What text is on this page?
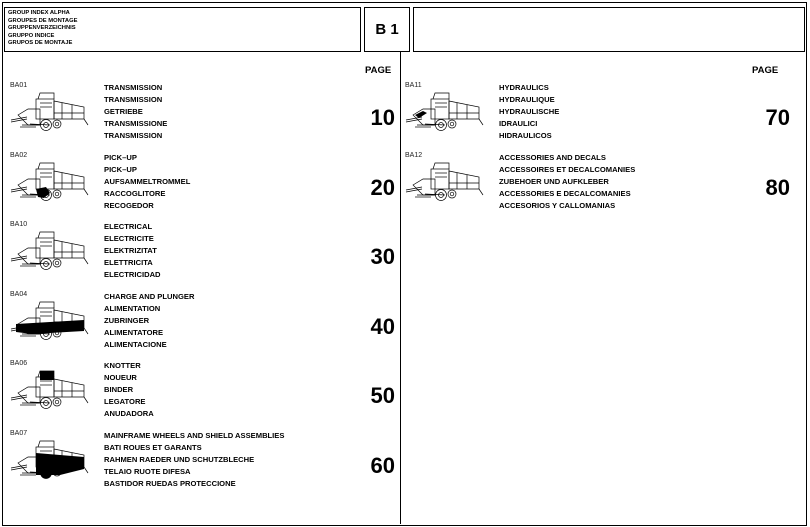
GROUP INDEX ALPHA
GROUPES DE MONTAGE
GRUPPENVERZEICHNIS
GRUPPO INDICE
GRUPOS DE MONTAJE
B 1
PAGE	PAGE
BA01	TRANSMISSION
TRANSMISSION
GETRIEBE
TRANSMISSIONE
TRANSMISSION
10
BA02	PICK–UP
PICK–UP
AUFSAMMELTROMMEL
RACCOGLITORE
RECOGEDOR
20
BA10	ELECTRICAL
ELECTRICITE
ELEKTRIZITAT
ELETTRICITA
ELECTRICIDAD
30
BA04	CHARGE AND PLUNGER
ALIMENTATION
ZUBRINGER
ALIMENTATORE
ALIMENTACIONE
40
BA06	KNOTTER
NOUEUR
BINDER
LEGATORE
ANUDADORA
50
BA07	MAINFRAME WHEELS AND SHIELD ASSEMBLIES
BATI ROUES ET GARANTS
RAHMEN RAEDER UND SCHUTZBLECHE
TELAIO RUOTE DIFESA
BASTIDOR RUEDAS PROTECCIONE
60
BA11	HYDRAULICS
HYDRAULIQUE
HYDRAULISCHE
IDRAULICI
HIDRAULICOS
70
BA12	ACCESSORIES AND DECALS
ACCESSOIRES ET DECALCOMANIES
ZUBEHOER UND AUFKLEBER
ACCESSORIES E DECALCOMANIES
ACCESORIOS Y CALLOMANIAS
80
